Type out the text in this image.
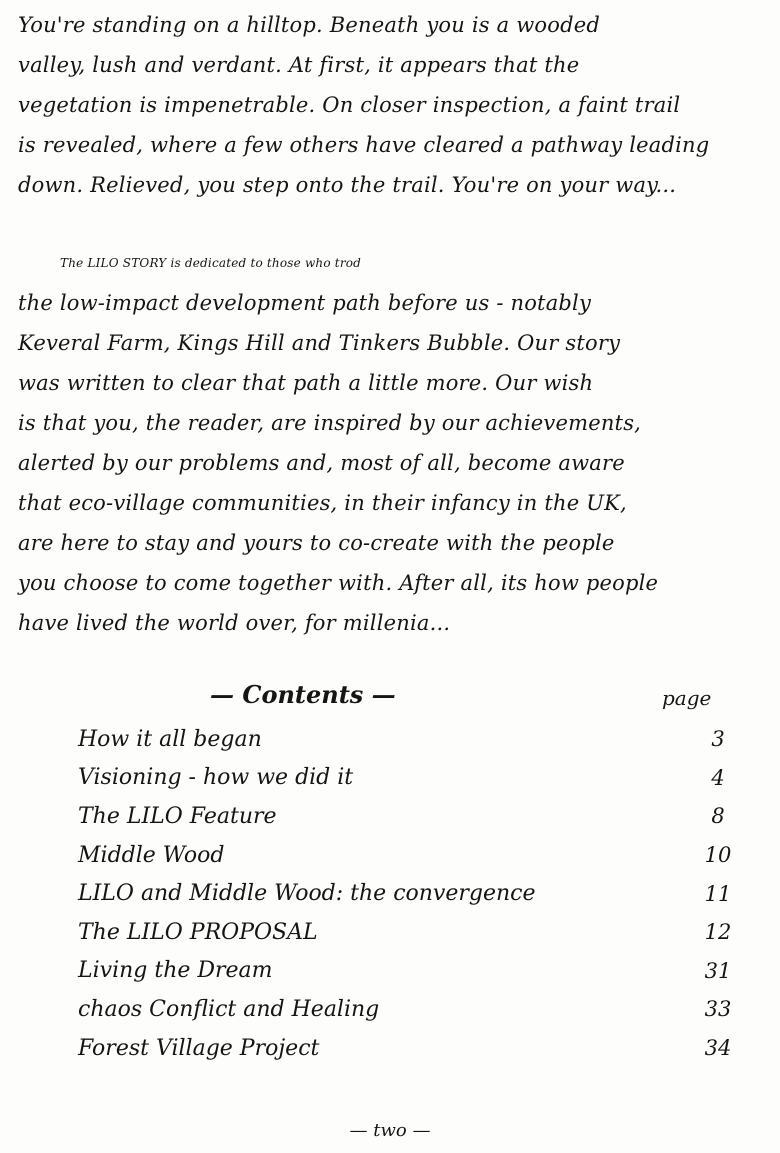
You're standing on a hilltop. Beneath you is a wooded
valley, lush and verdant. At first, it appears that the
vegetation is impenetrable. On closer inspection, a faint trail
is revealed, where a few others have cleared a pathway leading
down. Relieved, you step onto the trail. You're on your way...

The LILO STORY is dedicated to those who trod
the low-impact development path before us - notably
Keveral Farm, Kings Hill and Tinkers Bubble. Our story
was written to clear that path a little more. Our wish
is that you, the reader, are inspired by our achievements,
alerted by our problems and, most of all, become aware
that eco-village communities, in their infancy in the UK,
are here to stay and yours to co-create with the people
you choose to come together with. After all, its how people
have lived the world over, for millenia...

— Contents —	page
How it all began	3
Visioning - how we did it	4
The LILO Feature	8
Middle Wood	10
LILO and Middle Wood: the convergence	11
The LILO PROPOSAL	12
Living the Dream	31
chaos Conflict and Healing	33
Forest Village Project	34
— two —
